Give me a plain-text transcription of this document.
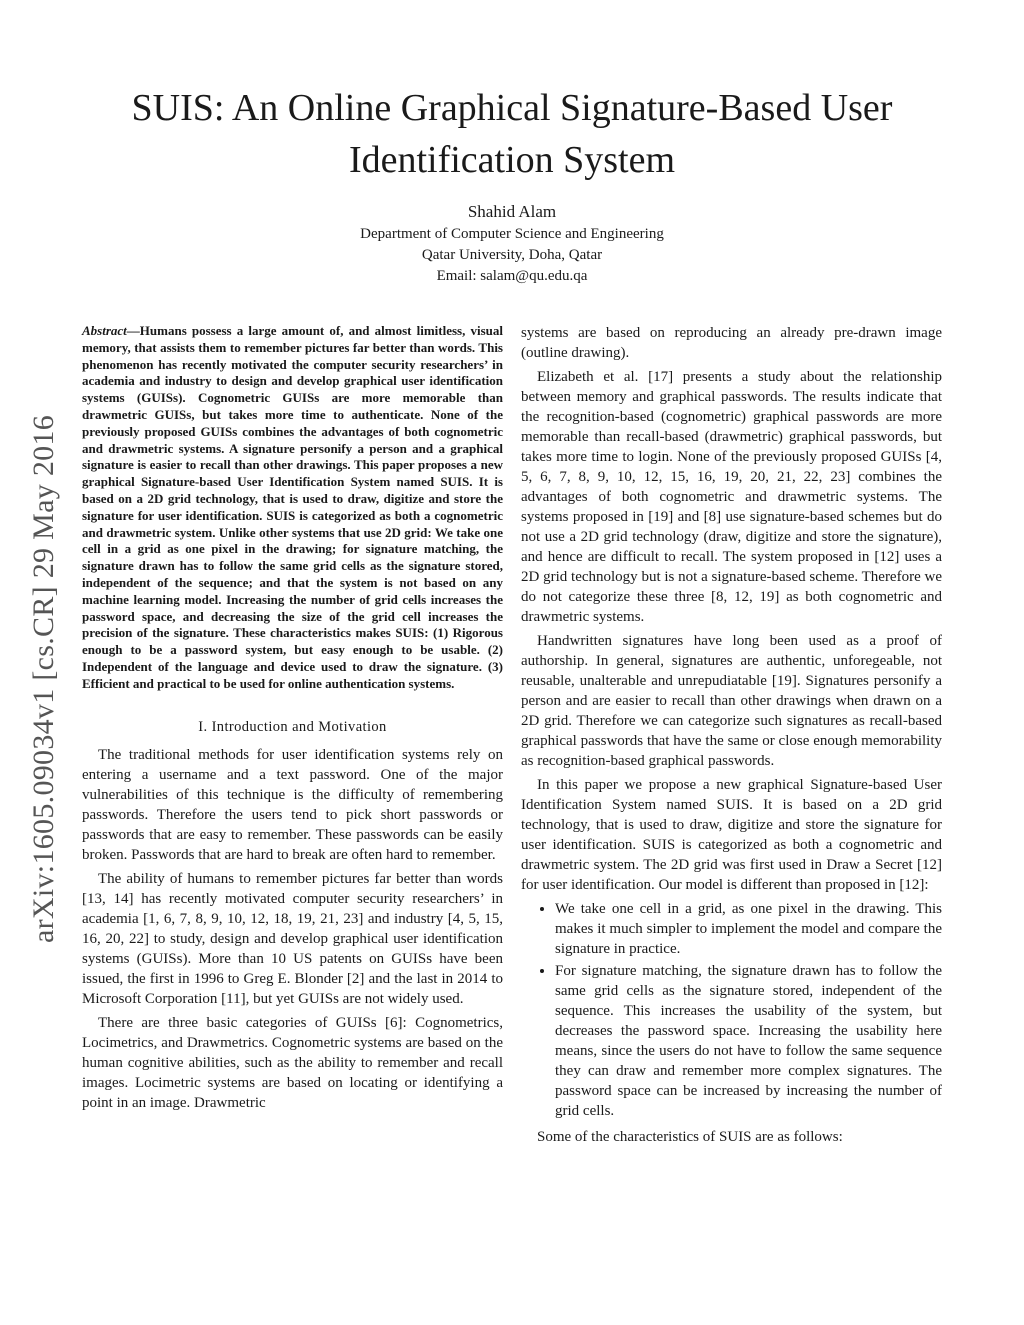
arXiv:1605.09034v1 [cs.CR] 29 May 2016
SUIS: An Online Graphical Signature-Based User Identification System

Shahid Alam

Department of Computer Science and Engineering

Qatar University, Doha, Qatar

Email: salam@qu.edu.qa

Abstract—Humans possess a large amount of, and almost limitless, visual memory, that assists them to remember pictures far better than words. This phenomenon has recently motivated the computer security researchers’ in academia and industry to design and develop graphical user identification systems (GUISs). Cognometric GUISs are more memorable than drawmetric GUISs, but takes more time to authenticate. None of the previously proposed GUISs combines the advantages of both cognometric and drawmetric systems. A signature personify a person and a graphical signature is easier to recall than other drawings. This paper proposes a new graphical Signature-based User Identification System named SUIS. It is based on a 2D grid technology, that is used to draw, digitize and store the signature for user identification. SUIS is categorized as both a cognometric and drawmetric system. Unlike other systems that use 2D grid: We take one cell in a grid as one pixel in the drawing; for signature matching, the signature drawn has to follow the same grid cells as the signature stored, independent of the sequence; and that the system is not based on any machine learning model. Increasing the number of grid cells increases the password space, and decreasing the size of the grid cell increases the precision of the signature. These characteristics makes SUIS: (1) Rigorous enough to be a password system, but easy enough to be usable. (2) Independent of the language and device used to draw the signature. (3) Efficient and practical to be used for online authentication systems.

I. Introduction and Motivation

The traditional methods for user identification systems rely on entering a username and a text password. One of the major vulnerabilities of this technique is the difficulty of remembering passwords. Therefore the users tend to pick short passwords or passwords that are easy to remember. These passwords can be easily broken. Passwords that are hard to break are often hard to remember.

The ability of humans to remember pictures far better than words [13, 14] has recently motivated computer security researchers’ in academia [1, 6, 7, 8, 9, 10, 12, 18, 19, 21, 23] and industry [4, 5, 15, 16, 20, 22] to study, design and develop graphical user identification systems (GUISs). More than 10 US patents on GUISs have been issued, the first in 1996 to Greg E. Blonder [2] and the last in 2014 to Microsoft Corporation [11], but yet GUISs are not widely used.

There are three basic categories of GUISs [6]: Cognometrics, Locimetrics, and Drawmetrics. Cognometric systems are based on the human cognitive abilities, such as the ability to remember and recall images. Locimetric systems are based on locating or identifying a point in an image. Drawmetric

systems are based on reproducing an already pre-drawn image (outline drawing).

Elizabeth et al. [17] presents a study about the relationship between memory and graphical passwords. The results indicate that the recognition-based (cognometric) graphical passwords are more memorable than recall-based (drawmetric) graphical passwords, but takes more time to login. None of the previously proposed GUISs [4, 5, 6, 7, 8, 9, 10, 12, 15, 16, 19, 20, 21, 22, 23] combines the advantages of both cognometric and drawmetric systems. The systems proposed in [19] and [8] use signature-based schemes but do not use a 2D grid technology (draw, digitize and store the signature), and hence are difficult to recall. The system proposed in [12] uses a 2D grid technology but is not a signature-based scheme. Therefore we do not categorize these three [8, 12, 19] as both cognometric and drawmetric systems.

Handwritten signatures have long been used as a proof of authorship. In general, signatures are authentic, unforegeable, not reusable, unalterable and unrepudiatable [19]. Signatures personify a person and are easier to recall than other drawings when drawn on a 2D grid. Therefore we can categorize such signatures as recall-based graphical passwords that have the same or close enough memorability as recognition-based graphical passwords.

In this paper we propose a new graphical Signature-based User Identification System named SUIS. It is based on a 2D grid technology, that is used to draw, digitize and store the signature for user identification. SUIS is categorized as both a cognometric and drawmetric system. The 2D grid was first used in Draw a Secret [12] for user identification. Our model is different than proposed in [12]:

• We take one cell in a grid, as one pixel in the drawing. This makes it much simpler to implement the model and compare the signature in practice.
• For signature matching, the signature drawn has to follow the same grid cells as the signature stored, independent of the sequence. This increases the usability of the system, but decreases the password space. Increasing the usability here means, since the users do not have to follow the same sequence they can draw and remember more complex signatures. The password space can be increased by increasing the number of grid cells.

Some of the characteristics of SUIS are as follows:
